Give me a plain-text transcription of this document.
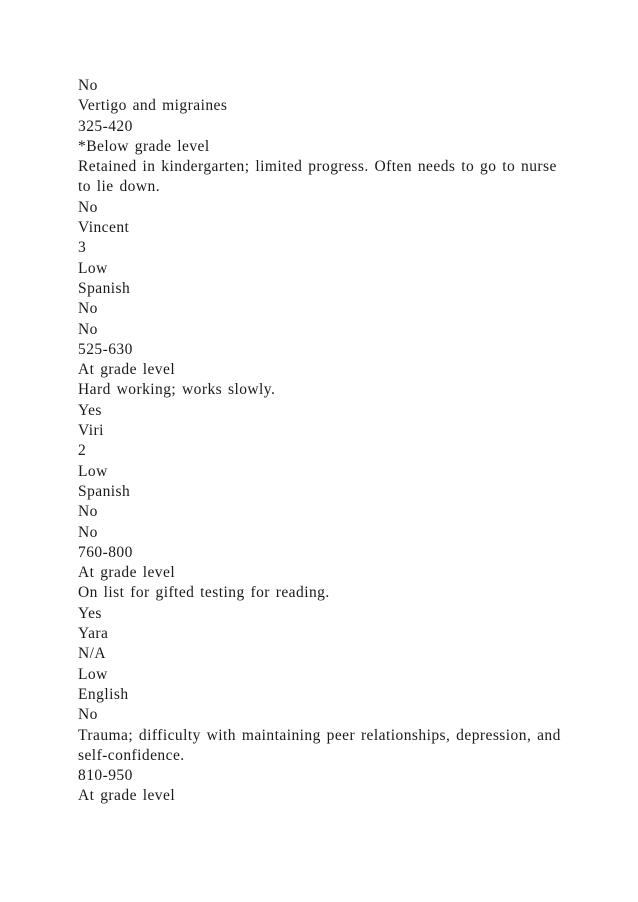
No
Vertigo and migraines
325-420
*Below grade level
Retained in kindergarten; limited progress. Often needs to go to nurse to lie down.
No
Vincent
3
Low
Spanish
No
No
525-630
At grade level
Hard working; works slowly.
Yes
Viri
2
Low
Spanish
No
No
760-800
At grade level
On list for gifted testing for reading.
Yes
Yara
N/A
Low
English
No
Trauma; difficulty with maintaining peer relationships, depression, and self-confidence.
810-950
At grade level
